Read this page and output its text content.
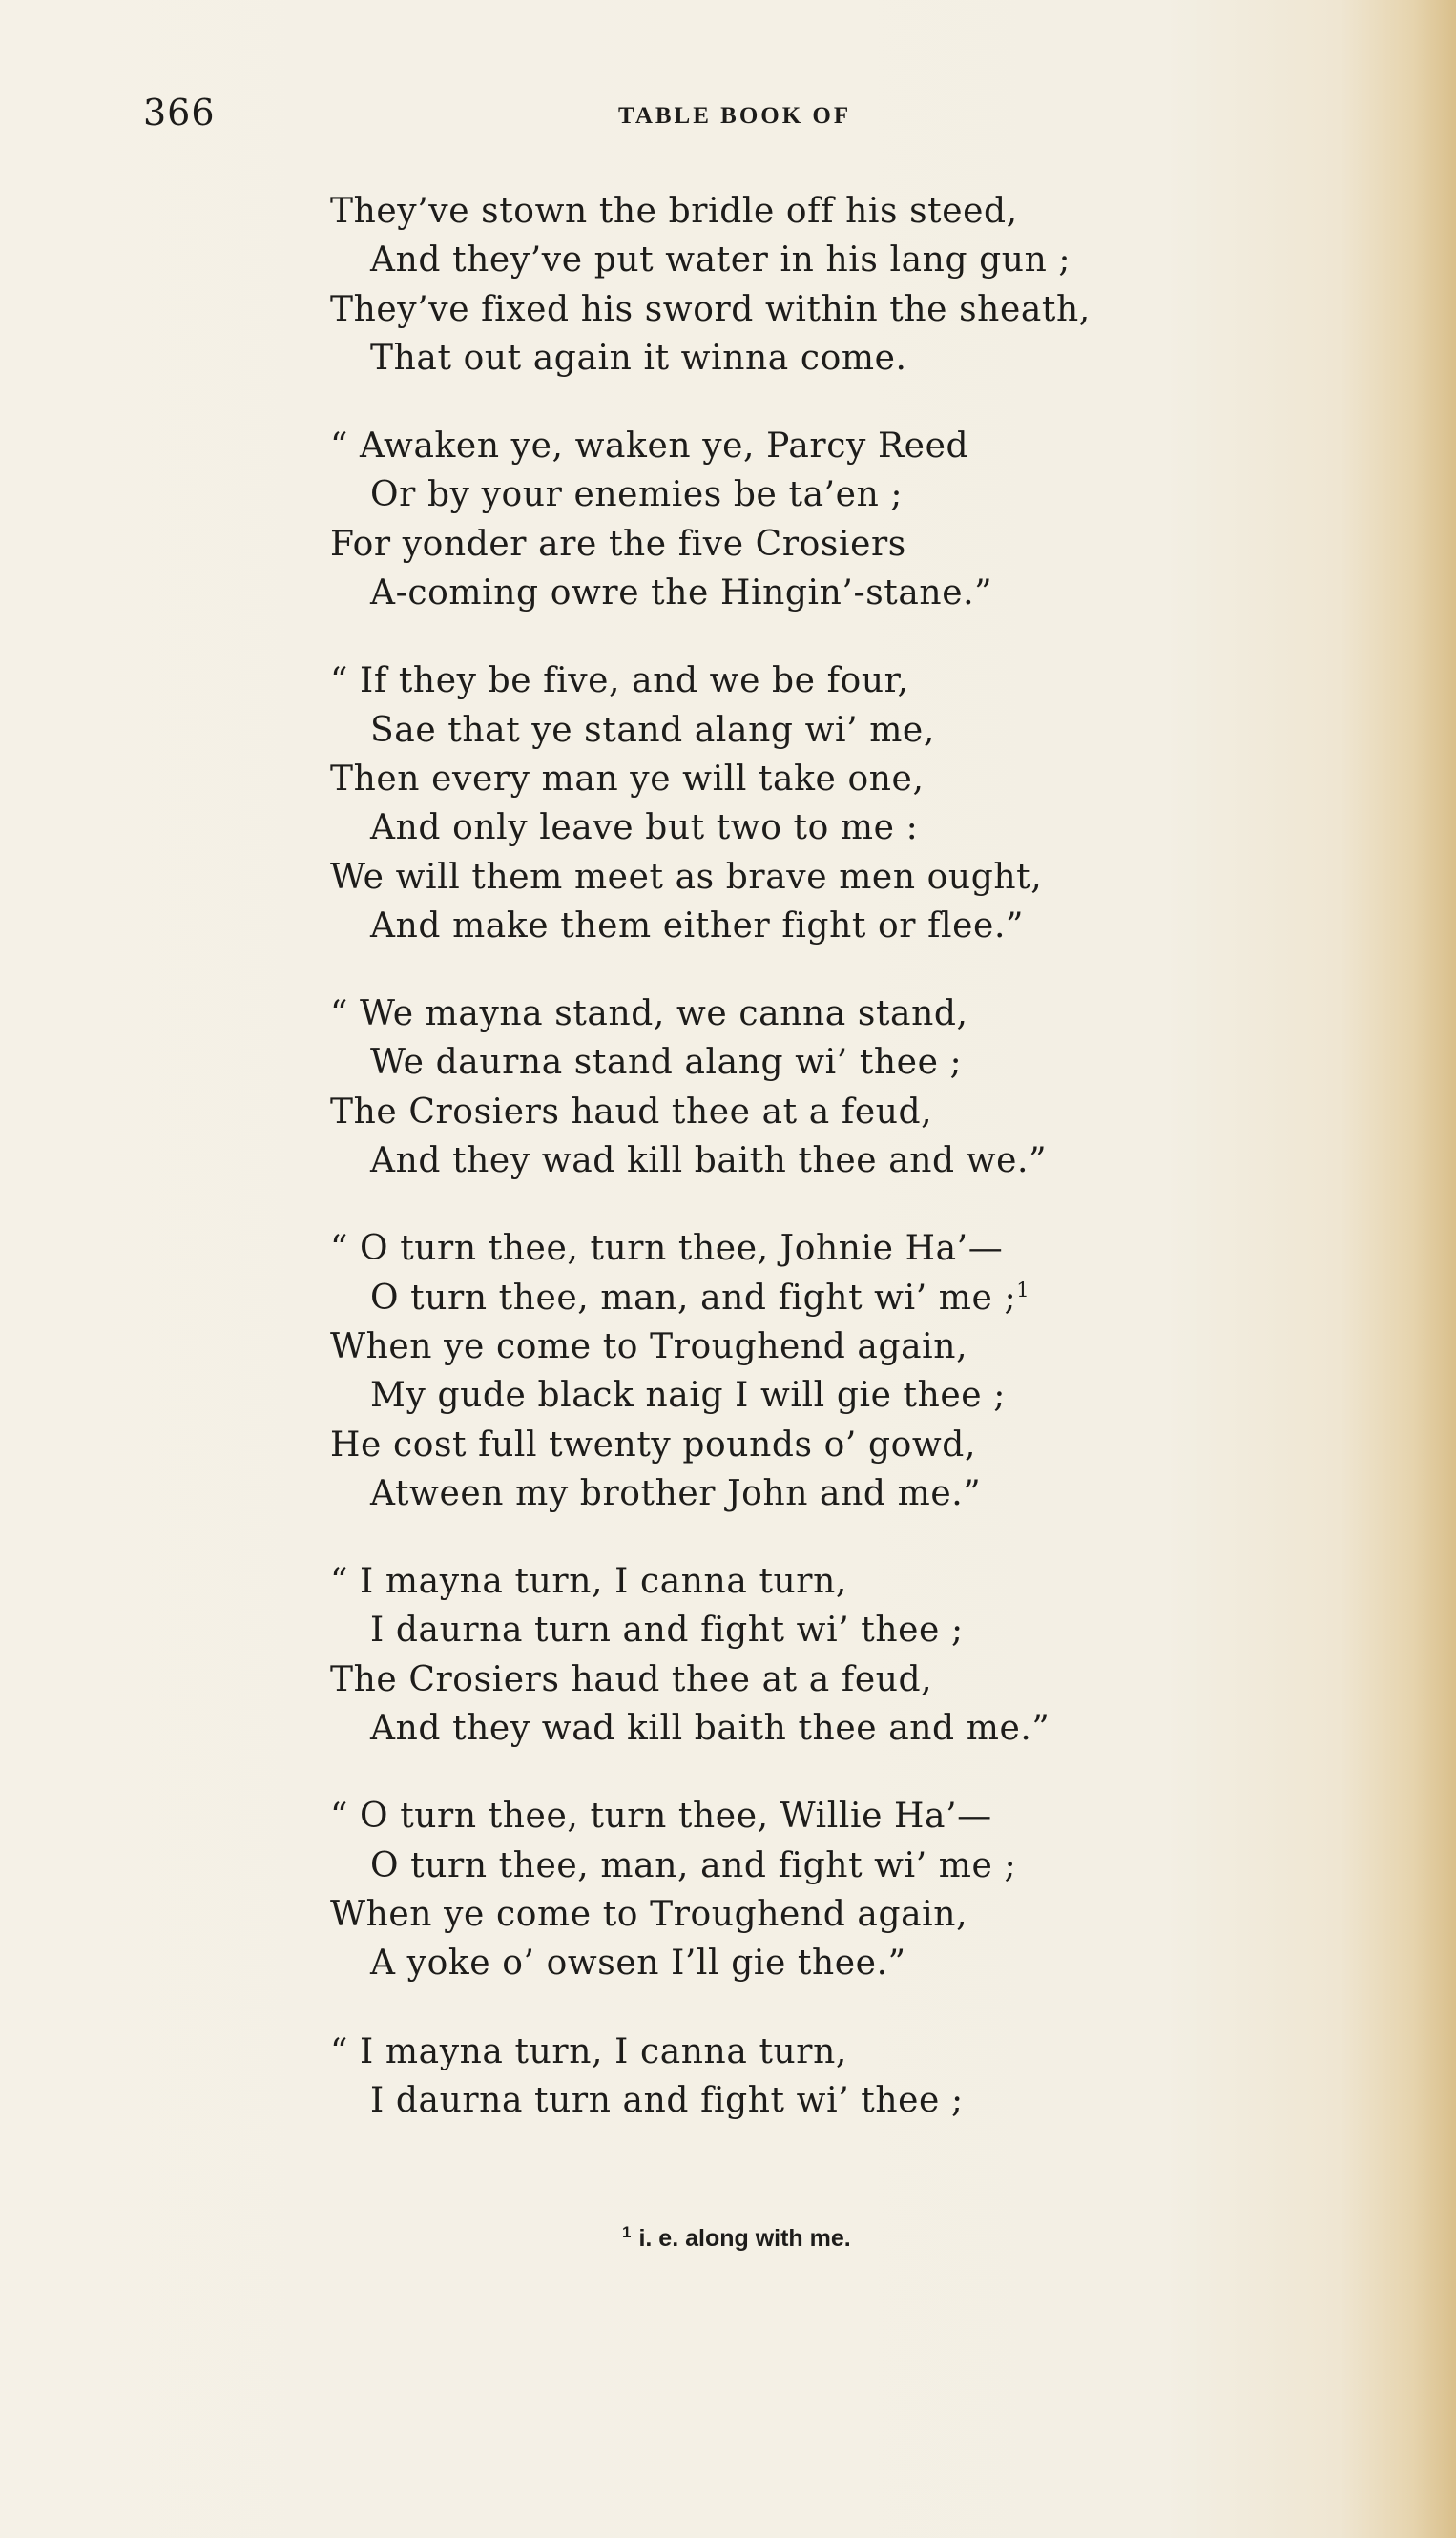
366	TABLE BOOK OF
They’ve stown the bridle off his steed,
And they’ve put water in his lang gun ;
They’ve fixed his sword within the sheath,
That out again it winna come.
“ Awaken ye, waken ye, Parcy Reed
Or by your enemies be ta’en ;
For yonder are the five Crosiers
A-coming owre the Hingin’-stane.”
“ If they be five, and we be four,
Sae that ye stand alang wi’ me,
Then every man ye will take one,
And only leave but two to me :
We will them meet as brave men ought,
And make them either fight or flee.”
“ We mayna stand, we canna stand,
We daurna stand alang wi’ thee ;
The Crosiers haud thee at a feud,
And they wad kill baith thee and we.”
“ O turn thee, turn thee, Johnie Ha’—
O turn thee, man, and fight wi’ me ;$^1$
When ye come to Troughend again,
My gude black naig I will gie thee ;
He cost full twenty pounds o’ gowd,
Atween my brother John and me.”
“ I mayna turn, I canna turn,
I daurna turn and fight wi’ thee ;
The Crosiers haud thee at a feud,
And they wad kill baith thee and me.”
“ O turn thee, turn thee, Willie Ha’—
O turn thee, man, and fight wi’ me ;
When ye come to Troughend again,
A yoke o’ owsen I’ll gie thee.”
“ I mayna turn, I canna turn,
I daurna turn and fight wi’ thee ;
$^1$ i. e. along with me.
